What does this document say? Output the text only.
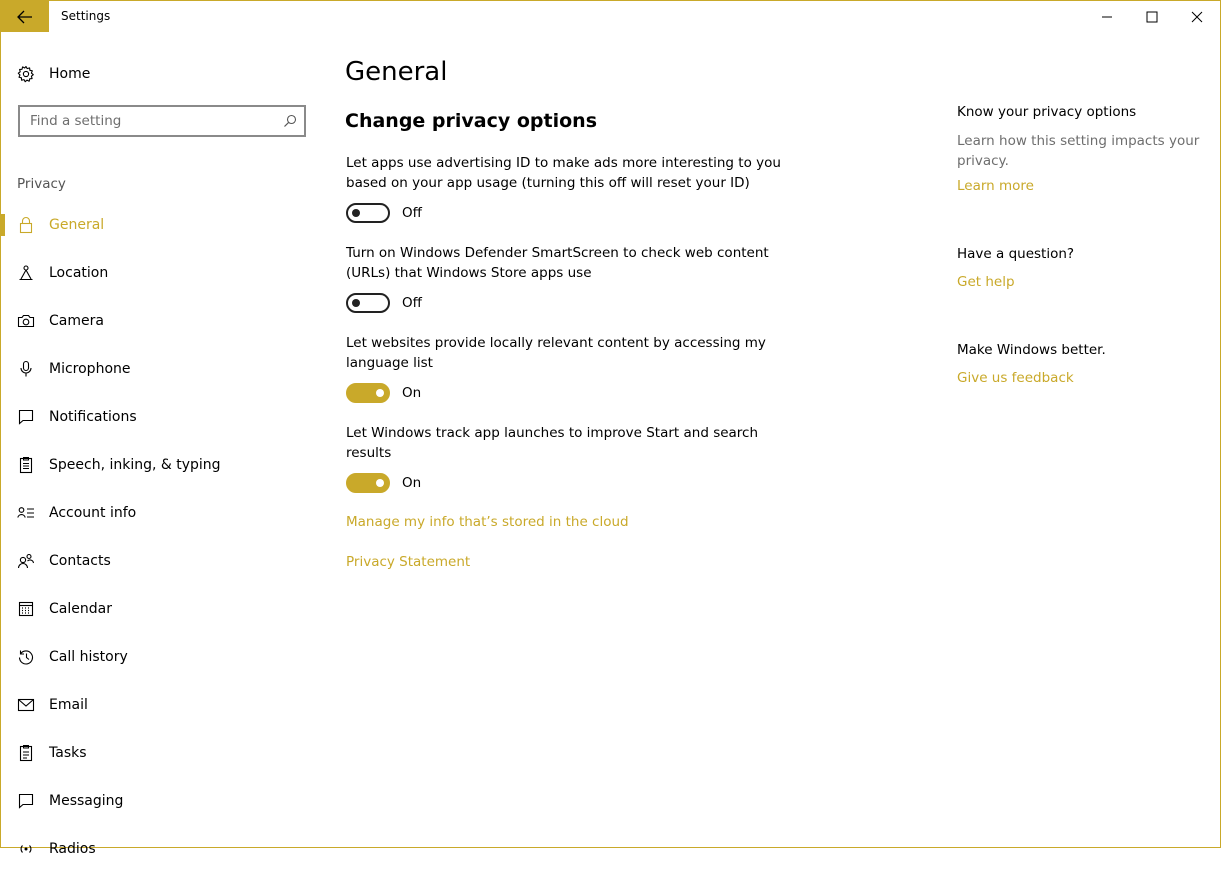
Settings
Home
Find a setting
Privacy
General
Location
Camera
Microphone
Notifications
Speech, inking, & typing
Account info
Contacts
Calendar
Call history
Email
Tasks
Messaging
Radios
General
Change privacy options
Let apps use advertising ID to make ads more interesting to you based on your app usage (turning this off will reset your ID)
Off
Turn on Windows Defender SmartScreen to check web content (URLs) that Windows Store apps use
Off
Let websites provide locally relevant content by accessing my language list
On
Let Windows track app launches to improve Start and search results
On
Manage my info that’s stored in the cloud
Privacy Statement
Know your privacy options
Learn how this setting impacts your privacy.
Learn more
Have a question?
Get help
Make Windows better.
Give us feedback
